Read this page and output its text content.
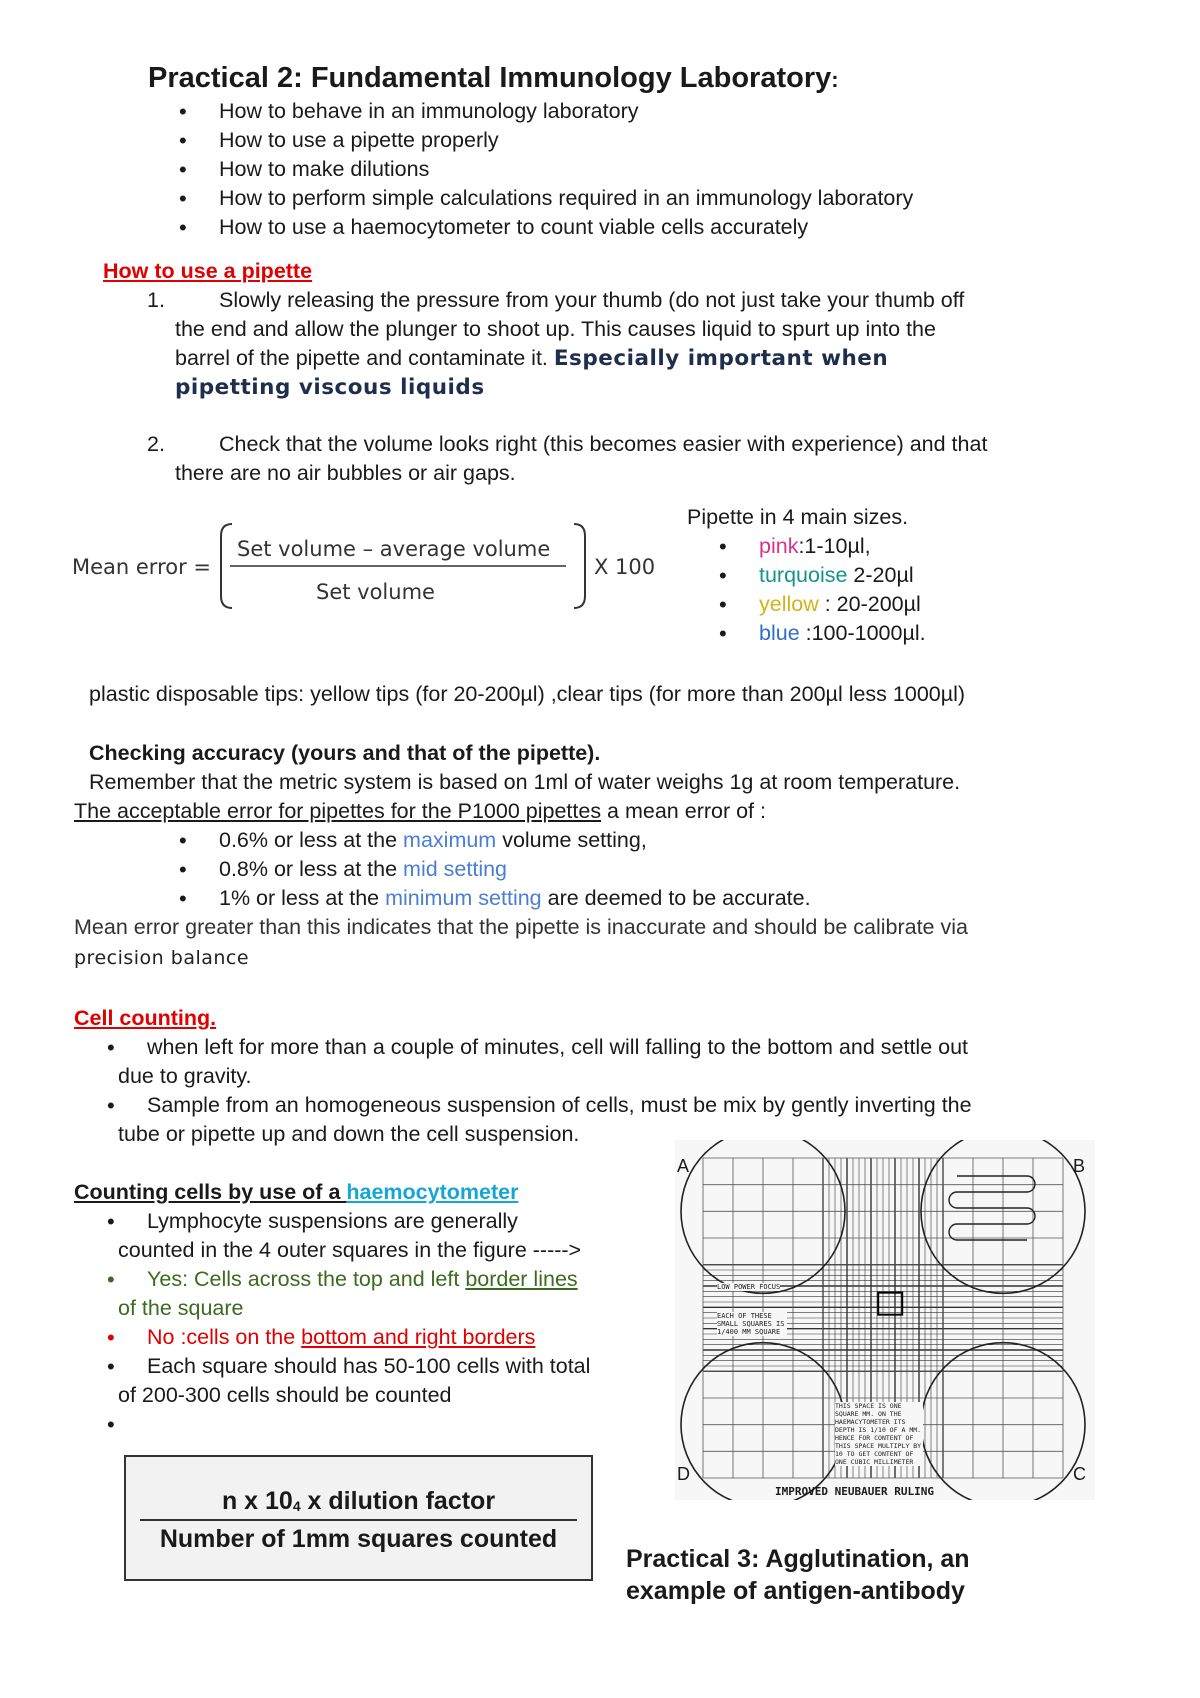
Practical 2: Fundamental Immunology Laboratory:
• How to behave in an immunology laboratory
• How to use a pipette properly
• How to make dilutions
• How to perform simple calculations required in an immunology laboratory
• How to use a haemocytometer to count viable cells accurately
How to use a pipette
1.	Slowly releasing the pressure from your thumb (do not just take your thumb off
the end and allow the plunger to shoot up. This causes liquid to spurt up into the
barrel of the pipette and contaminate it. Especially important when
pipetting viscous liquids
2.	Check that the volume looks right (this becomes easier with experience) and that
there are no air bubbles or air gaps.
Mean error =
Set volume – average volume
Set volume
X 100
Pipette in 4 main sizes.
• pink:1-10µl,
• turquoise 2-20µl
• yellow : 20-200µl
• blue :100-1000µl.
plastic disposable tips: yellow tips (for 20-200µl) ,clear tips (for more than 200µl less 1000µl)
Checking accuracy (yours and that of the pipette).
Remember that the metric system is based on 1ml of water weighs 1g at room temperature.
The acceptable error for pipettes for the P1000 pipettes a mean error of :
• 0.6% or less at the maximum volume setting,
• 0.8% or less at the mid setting
• 1% or less at the minimum setting are deemed to be accurate.
Mean error greater than this indicates that the pipette is inaccurate and should be calibrate via
precision balance
Cell counting.
• when left for more than a couple of minutes, cell will falling to the bottom and settle out
due to gravity.
• Sample from an homogeneous suspension of cells, must be mix by gently inverting the
tube or pipette up and down the cell suspension.
Counting cells by use of a haemocytometer
• Lymphocyte suspensions are generally
counted in the 4 outer squares in the figure ----->
• Yes: Cells across the top and left border lines
of the square
• No :cells on the bottom and right borders
• Each square should has 50-100 cells with total
of 200-300 cells should be counted
n x 104 x dilution factor
Number of 1mm squares counted
A	B
C
D
IMPROVED NEUBAUER RULING
LOW POWER FOCUS
EACH OF THESE SMALL SQUARES IS 1/400 MM SQUARE
THIS SPACE IS ONE SQUARE MM. ON THE HAEMACYTOMETER ITS DEPTH IS 1/10 OF A MM. HENCE FOR CONTENT OF THIS SPACE MULTIPLY BY 10 TO GET CONTENT OF ONE CUBIC MILLIMETER
Practical 3: Agglutination, an
example of antigen-antibody
